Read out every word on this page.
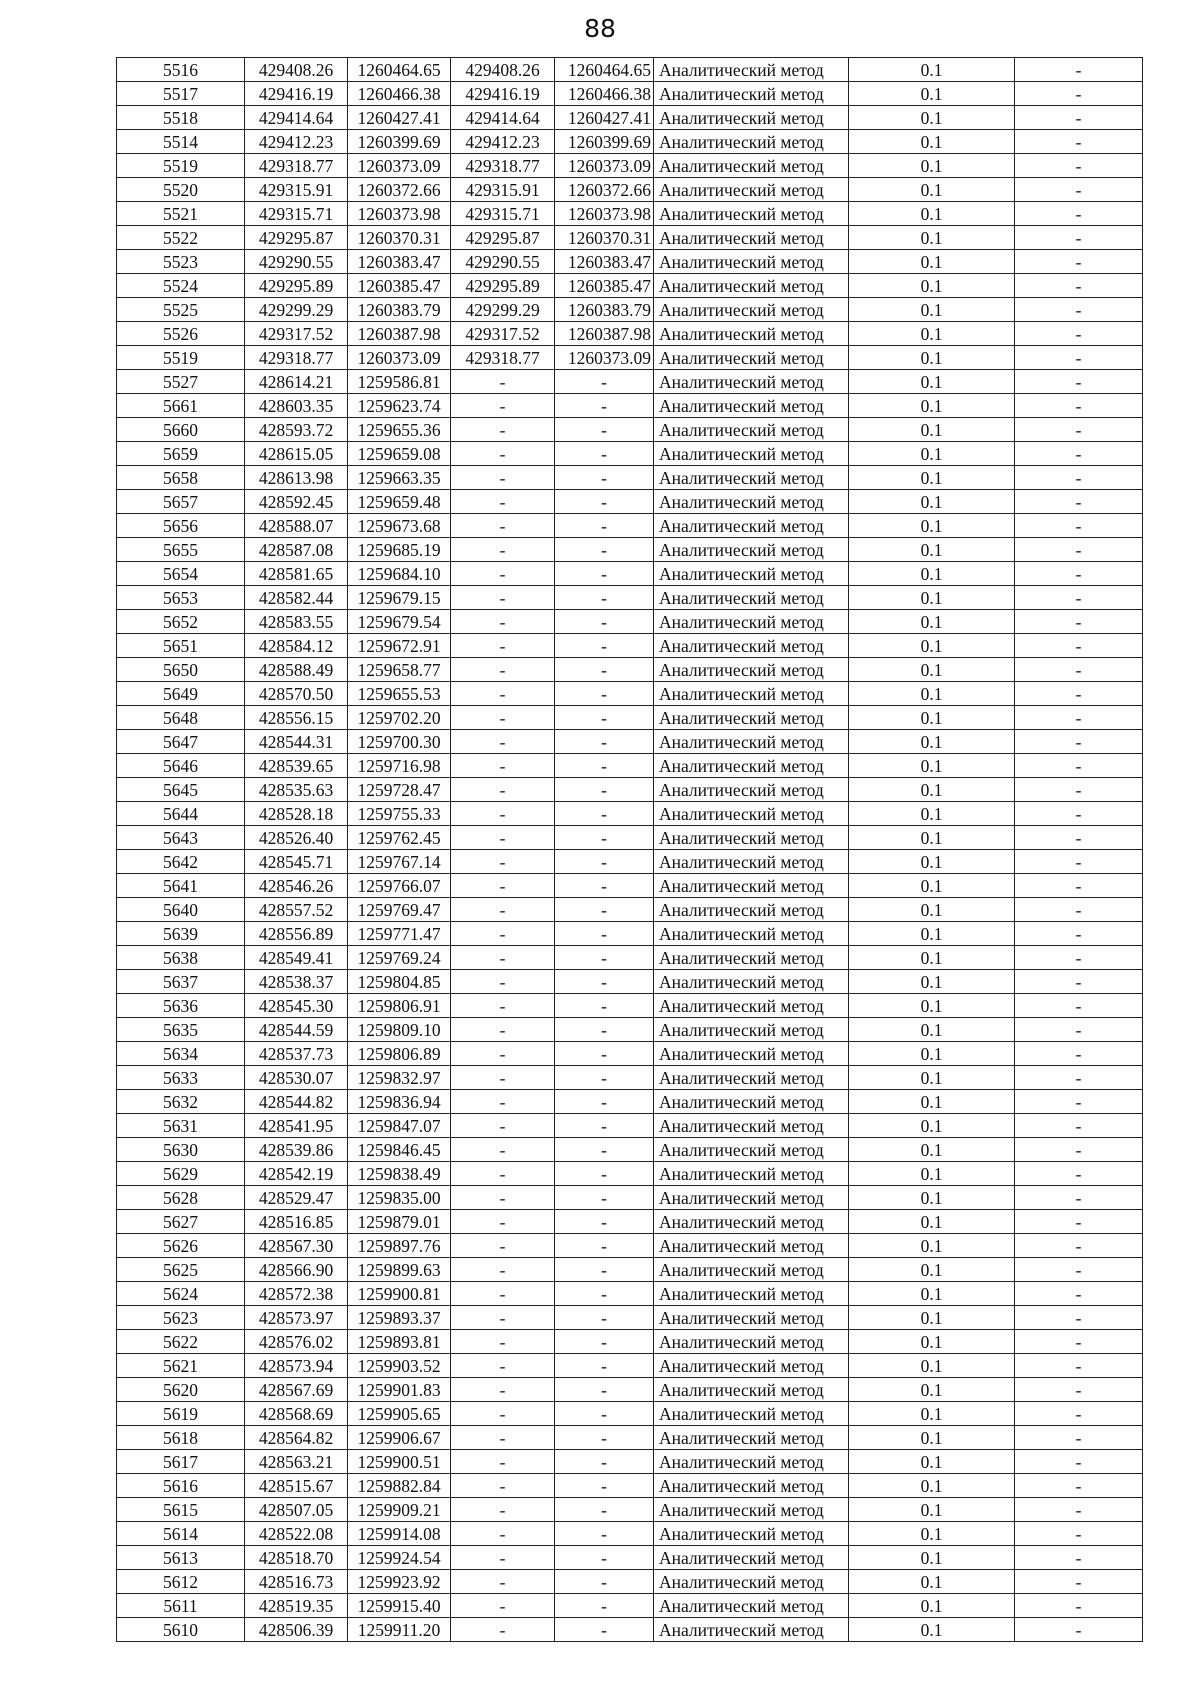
88
5516	429408.26	1260464.65	429408.26	1260464.65	Аналитический метод	0.1	-
5517	429416.19	1260466.38	429416.19	1260466.38	Аналитический метод	0.1	-
5518	429414.64	1260427.41	429414.64	1260427.41	Аналитический метод	0.1	-
5514	429412.23	1260399.69	429412.23	1260399.69	Аналитический метод	0.1	-
5519	429318.77	1260373.09	429318.77	1260373.09	Аналитический метод	0.1	-
5520	429315.91	1260372.66	429315.91	1260372.66	Аналитический метод	0.1	-
5521	429315.71	1260373.98	429315.71	1260373.98	Аналитический метод	0.1	-
5522	429295.87	1260370.31	429295.87	1260370.31	Аналитический метод	0.1	-
5523	429290.55	1260383.47	429290.55	1260383.47	Аналитический метод	0.1	-
5524	429295.89	1260385.47	429295.89	1260385.47	Аналитический метод	0.1	-
5525	429299.29	1260383.79	429299.29	1260383.79	Аналитический метод	0.1	-
5526	429317.52	1260387.98	429317.52	1260387.98	Аналитический метод	0.1	-
5519	429318.77	1260373.09	429318.77	1260373.09	Аналитический метод	0.1	-
5527	428614.21	1259586.81	-	-	Аналитический метод	0.1	-
5661	428603.35	1259623.74	-	-	Аналитический метод	0.1	-
5660	428593.72	1259655.36	-	-	Аналитический метод	0.1	-
5659	428615.05	1259659.08	-	-	Аналитический метод	0.1	-
5658	428613.98	1259663.35	-	-	Аналитический метод	0.1	-
5657	428592.45	1259659.48	-	-	Аналитический метод	0.1	-
5656	428588.07	1259673.68	-	-	Аналитический метод	0.1	-
5655	428587.08	1259685.19	-	-	Аналитический метод	0.1	-
5654	428581.65	1259684.10	-	-	Аналитический метод	0.1	-
5653	428582.44	1259679.15	-	-	Аналитический метод	0.1	-
5652	428583.55	1259679.54	-	-	Аналитический метод	0.1	-
5651	428584.12	1259672.91	-	-	Аналитический метод	0.1	-
5650	428588.49	1259658.77	-	-	Аналитический метод	0.1	-
5649	428570.50	1259655.53	-	-	Аналитический метод	0.1	-
5648	428556.15	1259702.20	-	-	Аналитический метод	0.1	-
5647	428544.31	1259700.30	-	-	Аналитический метод	0.1	-
5646	428539.65	1259716.98	-	-	Аналитический метод	0.1	-
5645	428535.63	1259728.47	-	-	Аналитический метод	0.1	-
5644	428528.18	1259755.33	-	-	Аналитический метод	0.1	-
5643	428526.40	1259762.45	-	-	Аналитический метод	0.1	-
5642	428545.71	1259767.14	-	-	Аналитический метод	0.1	-
5641	428546.26	1259766.07	-	-	Аналитический метод	0.1	-
5640	428557.52	1259769.47	-	-	Аналитический метод	0.1	-
5639	428556.89	1259771.47	-	-	Аналитический метод	0.1	-
5638	428549.41	1259769.24	-	-	Аналитический метод	0.1	-
5637	428538.37	1259804.85	-	-	Аналитический метод	0.1	-
5636	428545.30	1259806.91	-	-	Аналитический метод	0.1	-
5635	428544.59	1259809.10	-	-	Аналитический метод	0.1	-
5634	428537.73	1259806.89	-	-	Аналитический метод	0.1	-
5633	428530.07	1259832.97	-	-	Аналитический метод	0.1	-
5632	428544.82	1259836.94	-	-	Аналитический метод	0.1	-
5631	428541.95	1259847.07	-	-	Аналитический метод	0.1	-
5630	428539.86	1259846.45	-	-	Аналитический метод	0.1	-
5629	428542.19	1259838.49	-	-	Аналитический метод	0.1	-
5628	428529.47	1259835.00	-	-	Аналитический метод	0.1	-
5627	428516.85	1259879.01	-	-	Аналитический метод	0.1	-
5626	428567.30	1259897.76	-	-	Аналитический метод	0.1	-
5625	428566.90	1259899.63	-	-	Аналитический метод	0.1	-
5624	428572.38	1259900.81	-	-	Аналитический метод	0.1	-
5623	428573.97	1259893.37	-	-	Аналитический метод	0.1	-
5622	428576.02	1259893.81	-	-	Аналитический метод	0.1	-
5621	428573.94	1259903.52	-	-	Аналитический метод	0.1	-
5620	428567.69	1259901.83	-	-	Аналитический метод	0.1	-
5619	428568.69	1259905.65	-	-	Аналитический метод	0.1	-
5618	428564.82	1259906.67	-	-	Аналитический метод	0.1	-
5617	428563.21	1259900.51	-	-	Аналитический метод	0.1	-
5616	428515.67	1259882.84	-	-	Аналитический метод	0.1	-
5615	428507.05	1259909.21	-	-	Аналитический метод	0.1	-
5614	428522.08	1259914.08	-	-	Аналитический метод	0.1	-
5613	428518.70	1259924.54	-	-	Аналитический метод	0.1	-
5612	428516.73	1259923.92	-	-	Аналитический метод	0.1	-
5611	428519.35	1259915.40	-	-	Аналитический метод	0.1	-
5610	428506.39	1259911.20	-	-	Аналитический метод	0.1	-
